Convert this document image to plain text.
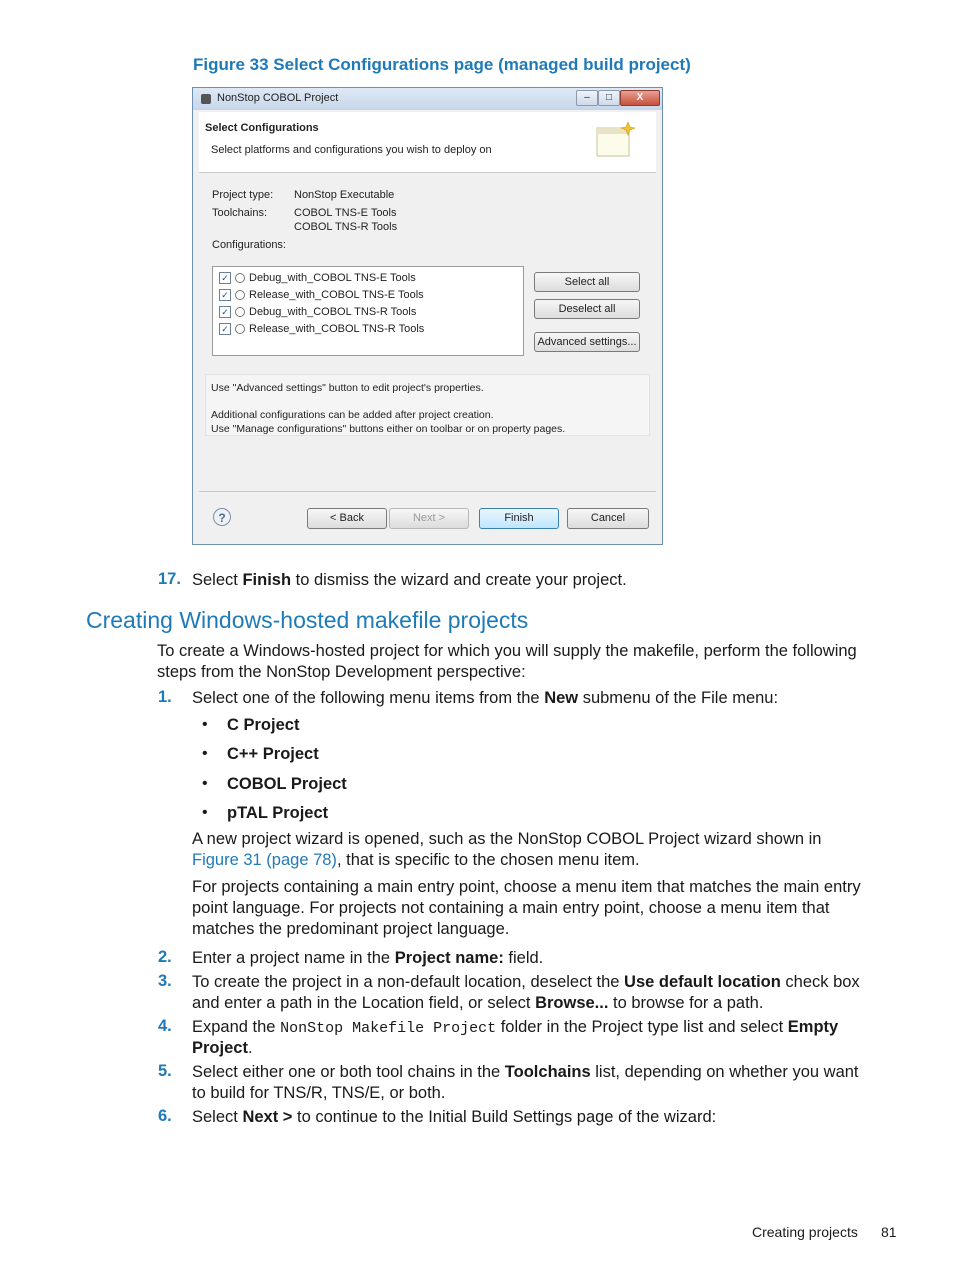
Figure 33 Select Configurations page (managed build project)
NonStop COBOL Project	–	□	X
Select Configurations
Select platforms and configurations you wish to deploy on
Project type: NonStop Executable
Toolchains: COBOL TNS-E Tools
COBOL TNS-R Tools
Configurations:
✓ Debug_with_COBOL TNS-E Tools
✓ Release_with_COBOL TNS-E Tools
✓ Debug_with_COBOL TNS-R Tools
✓ Release_with_COBOL TNS-R Tools
Select all
Deselect all
Advanced settings...
Use "Advanced settings" button to edit project's properties.
Additional configurations can be added after project creation.
Use "Manage configurations" buttons either on toolbar or on property pages.
?	< Back	Next >	Finish	Cancel
17. Select Finish to dismiss the wizard and create your project.
Creating Windows-hosted makefile projects
To create a Windows-hosted project for which you will supply the makefile, perform the following
steps from the NonStop Development perspective:
1. Select one of the following menu items from the New submenu of the File menu:
• C Project
• C++ Project
• COBOL Project
• pTAL Project
A new project wizard is opened, such as the NonStop COBOL Project wizard shown in
Figure 31 (page 78), that is specific to the chosen menu item.
For projects containing a main entry point, choose a menu item that matches the main entry
point language. For projects not containing a main entry point, choose a menu item that
matches the predominant project language.
2. Enter a project name in the Project name: field.
3. To create the project in a non-default location, deselect the Use default location check box
and enter a path in the Location field, or select Browse... to browse for a path.
4. Expand the NonStop Makefile Project folder in the Project type list and select Empty
Project.
5. Select either one or both tool chains in the Toolchains list, depending on whether you want
to build for TNS/R, TNS/E, or both.
6. Select Next > to continue to the Initial Build Settings page of the wizard:
Creating projects 81
